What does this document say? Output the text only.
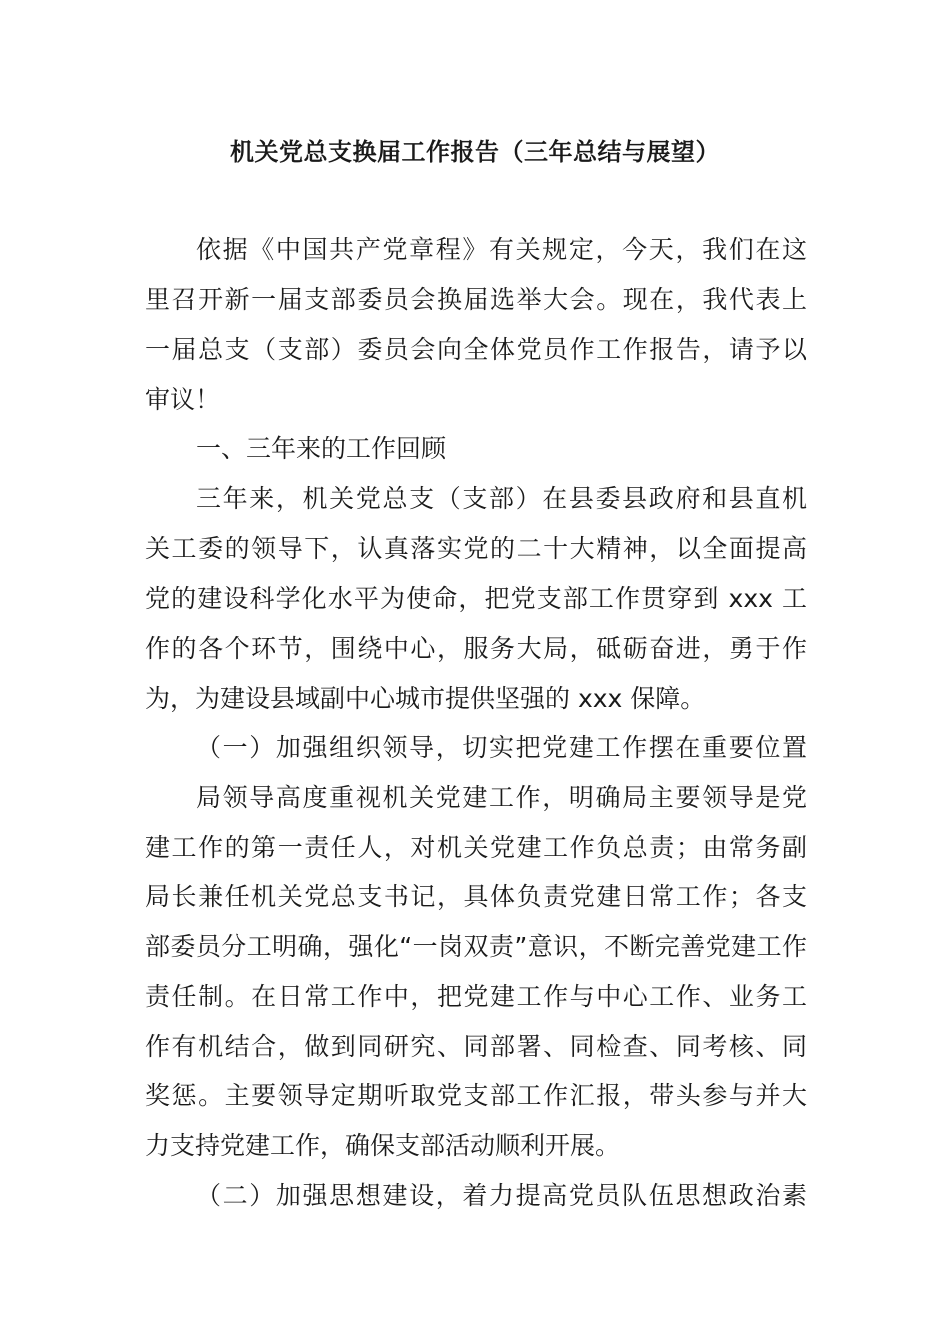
机关党总支换届工作报告（三年总结与展望）
依据《中国共产党章程》有关规定，今天，我们在这
里召开新一届支部委员会换届选举大会。现在，我代表上
一届总支（支部）委员会向全体党员作工作报告，请予以
审议！
一、三年来的工作回顾
三年来，机关党总支（支部）在县委县政府和县直机
关工委的领导下，认真落实党的二十大精神，以全面提高
党的建设科学化水平为使命，把党支部工作贯穿到 xxx 工
作的各个环节，围绕中心，服务大局，砥砺奋进，勇于作
为，为建设县域副中心城市提供坚强的 xxx 保障。
（一）加强组织领导，切实把党建工作摆在重要位置
局领导高度重视机关党建工作，明确局主要领导是党
建工作的第一责任人，对机关党建工作负总责；由常务副
局长兼任机关党总支书记，具体负责党建日常工作；各支
部委员分工明确，强化“一岗双责”意识，不断完善党建工作
责任制。在日常工作中，把党建工作与中心工作、业务工
作有机结合，做到同研究、同部署、同检查、同考核、同
奖惩。主要领导定期听取党支部工作汇报，带头参与并大
力支持党建工作，确保支部活动顺利开展。
（二）加强思想建设，着力提高党员队伍思想政治素
